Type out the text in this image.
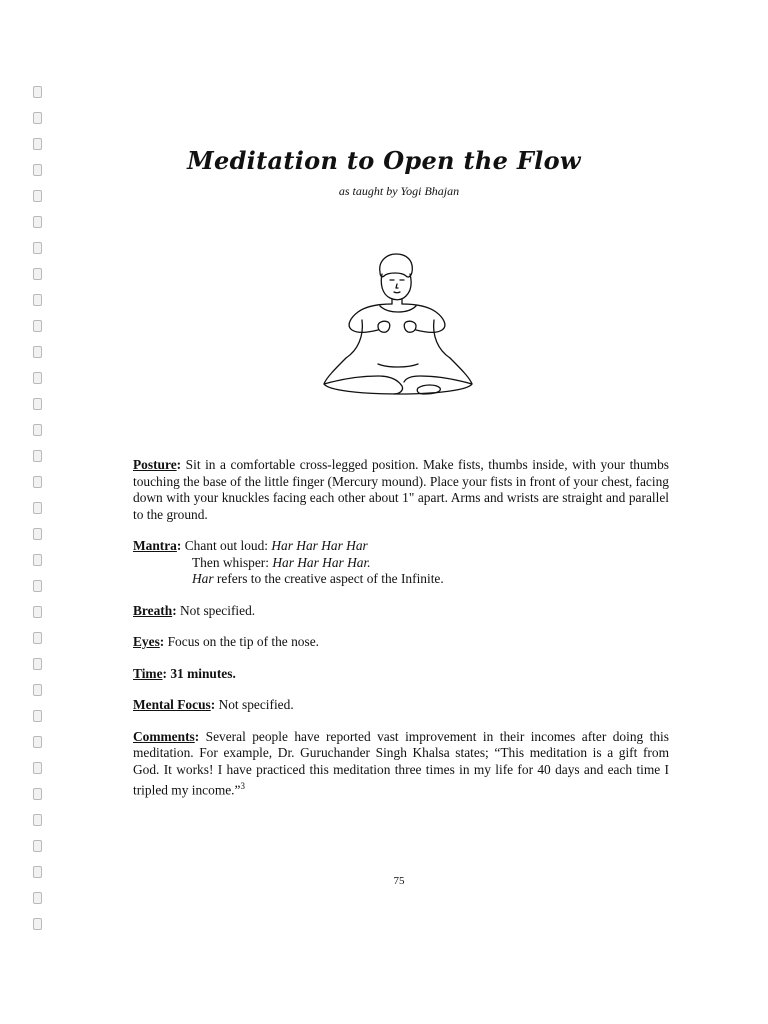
Meditation to Open the Flow
as taught by Yogi Bhajan

Posture: Sit in a comfortable cross-legged position. Make fists, thumbs inside, with your thumbs touching the base of the little finger (Mercury mound). Place your fists in front of your chest, facing down with your knuckles facing each other about 1" apart. Arms and wrists are straight and parallel to the ground.

Mantra: Chant out loud: Har Har Har Har

Then whisper: Har Har Har Har.

Har refers to the creative aspect of the Infinite.

Breath: Not specified.

Eyes: Focus on the tip of the nose.

Time: 31 minutes.

Mental Focus: Not specified.

Comments: Several people have reported vast improvement in their incomes after doing this meditation. For example, Dr. Guruchander Singh Khalsa states; “This meditation is a gift from God. It works! I have practiced this meditation three times in my life for 40 days and each time I tripled my income.”$^3$

75
